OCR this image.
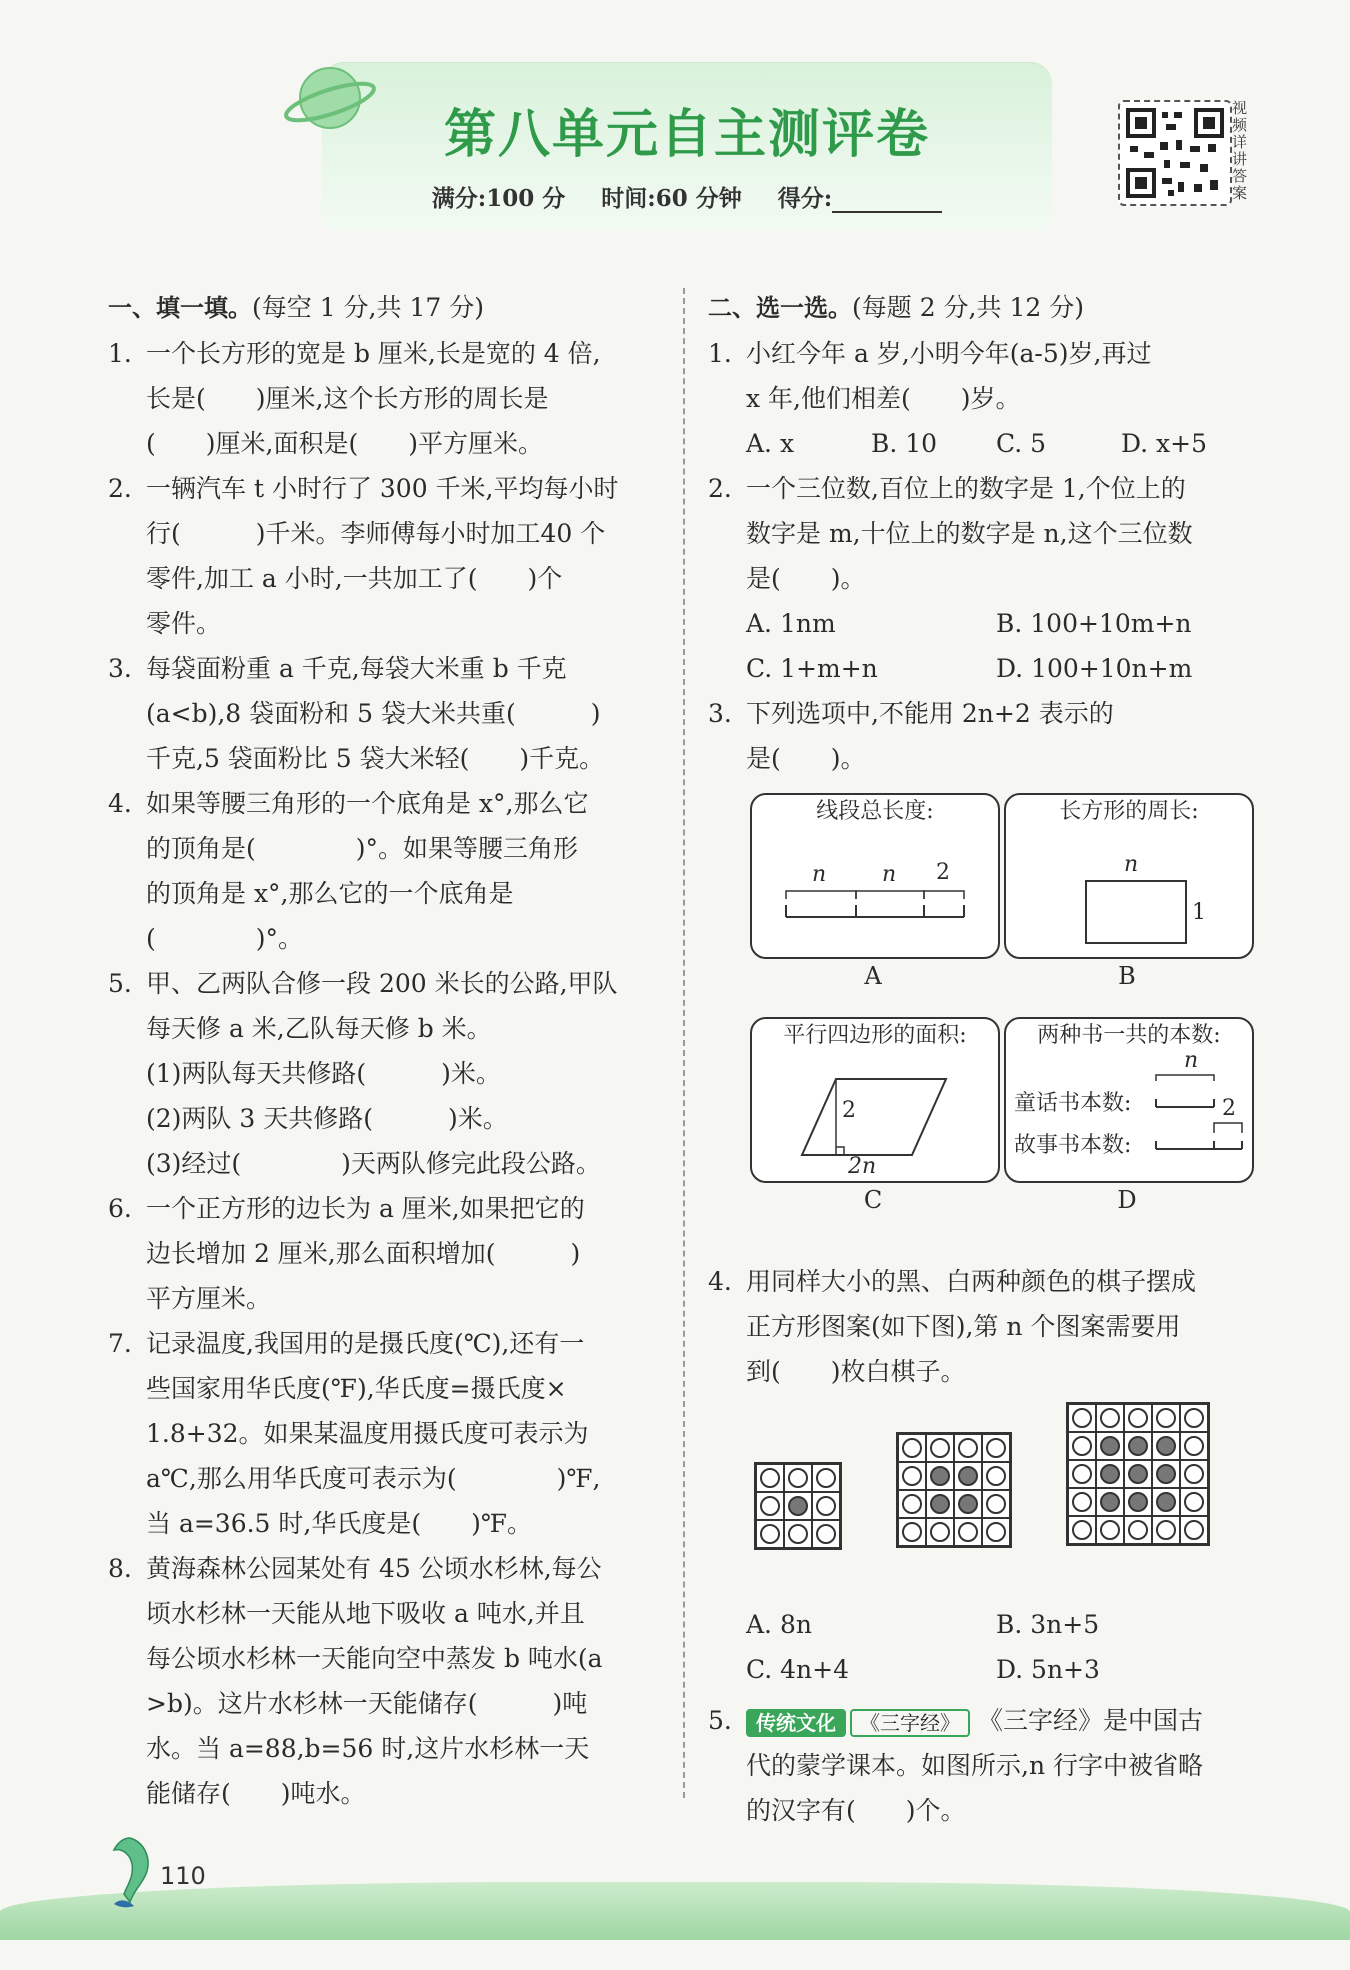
第八单元自主测评卷
满分:100 分 时间:60 分钟 得分:
视频详讲答案
一、填一填。(每空 1 分,共 17 分)
1. 一个长方形的宽是 b 厘米,长是宽的 4 倍,
长是(　　)厘米,这个长方形的周长是
(　　)厘米,面积是(　　)平方厘米。
2. 一辆汽车 t 小时行了 300 千米,平均每小时
行(　　　)千米。李师傅每小时加工40 个
零件,加工 a 小时,一共加工了(　　)个
零件。
3. 每袋面粉重 a 千克,每袋大米重 b 千克
(a<b),8 袋面粉和 5 袋大米共重(　　　)
千克,5 袋面粉比 5 袋大米轻(　　)千克。
4. 如果等腰三角形的一个底角是 x°,那么它
的顶角是(　　　　)°。如果等腰三角形
的顶角是 x°,那么它的一个底角是
(　　　　)°。
5. 甲、乙两队合修一段 200 米长的公路,甲队
每天修 a 米,乙队每天修 b 米。
(1)两队每天共修路(　　　)米。
(2)两队 3 天共修路(　　　)米。
(3)经过(　　　　)天两队修完此段公路。
6. 一个正方形的边长为 a 厘米,如果把它的
边长增加 2 厘米,那么面积增加(　　　)
平方厘米。
7. 记录温度,我国用的是摄氏度(℃),还有一
些国家用华氏度(℉),华氏度=摄氏度×
1.8+32。如果某温度用摄氏度可表示为
a℃,那么用华氏度可表示为(　　　　)℉,
当 a=36.5 时,华氏度是(　　)℉。
8. 黄海森林公园某处有 45 公顷水杉林,每公
顷水杉林一天能从地下吸收 a 吨水,并且
每公顷水杉林一天能向空中蒸发 b 吨水(a
>b)。这片水杉林一天能储存(　　　)吨
水。当 a=88,b=56 时,这片水杉林一天
能储存(　　)吨水。
二、选一选。(每题 2 分,共 12 分)
1. 小红今年 a 岁,小明今年(a-5)岁,再过
x 年,他们相差(　　)岁。
A. x	B. 10	C. 5	D. x+5
2. 一个三位数,百位上的数字是 1,个位上的
数字是 m,十位上的数字是 n,这个三位数
是(　　)。
A. 1nm	B. 100+10m+n
C. 1+m+n	D. 100+10n+m
3. 下列选项中,不能用 2n+2 表示的
是(　　)。
线段总长度:
n	n 2
A
长方形的周长:
n
1
B
平行四边形的面积:
2
2n
C
两种书一共的本数:
n
童话书本数:
故事书本数:
2
D
4. 用同样大小的黑、白两种颜色的棋子摆成
正方形图案(如下图),第 n 个图案需要用
到(　　)枚白棋子。
A. 8n	B. 3n+5
C. 4n+4	D. 5n+3
5.	传统文化 《三字经》 《三字经》是中国古
代的蒙学课本。如图所示,n 行字中被省略
的汉字有(　　)个。
110
